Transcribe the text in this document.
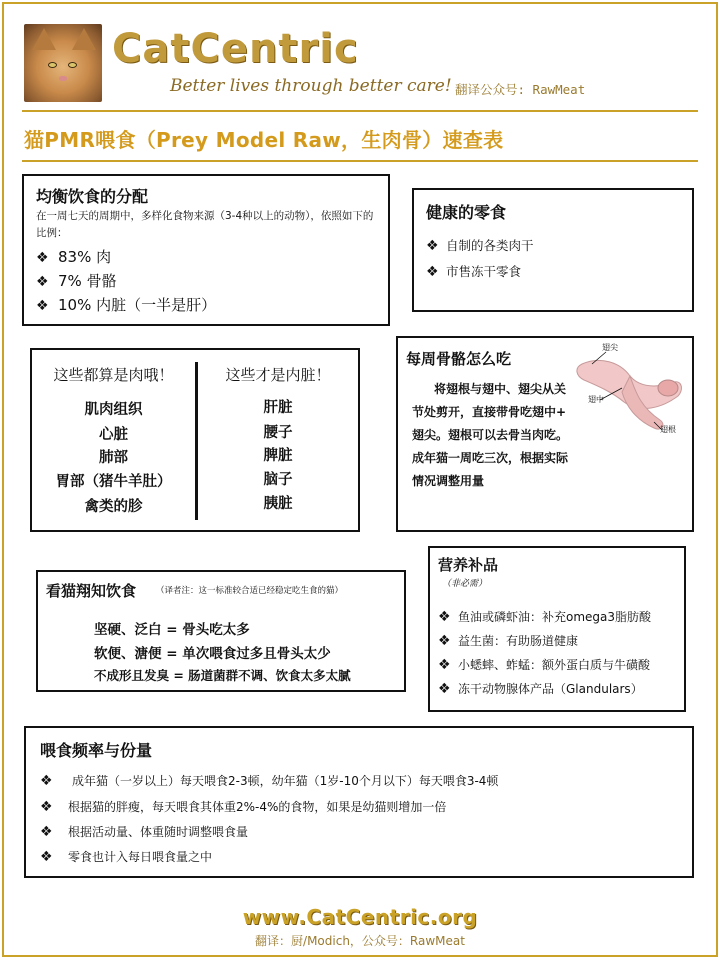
CatCentric
Better lives through better care! 翻译公众号: RawMeat
猫PMR喂食（Prey Model Raw，生肉骨）速查表
均衡饮食的分配
在一周七天的周期中，多样化食物来源（3-4种以上的动物），依照如下的比例：
❖ 83% 肉
❖ 7% 骨骼
❖ 10% 内脏（一半是肝）
健康的零食
❖ 自制的各类肉干
❖ 市售冻干零食
这些都算是肉哦！
肌肉组织
心脏
肺部
胃部（猪牛羊肚）
禽类的胗
这些才是内脏！
肝脏
腰子
脾脏
脑子
胰脏
每周骨骼怎么吃
将翅根与翅中、翅尖从关
节处剪开，直接带骨吃翅中+
翅尖。翅根可以去骨当肉吃。
成年猫一周吃三次，根据实际
情况调整用量
翅尖
翅中
翅根
看猫翔知饮食 （译者注：这一标准较合适已经稳定吃生食的猫）
坚硬、泛白 = 骨头吃太多
软便、溏便 = 单次喂食过多且骨头太少
不成形且发臭 = 肠道菌群不调、饮食太多太腻
营养补品
（非必需）
❖ 鱼油或磷虾油：补充omega3脂肪酸
❖ 益生菌：有助肠道健康
❖ 小蟋蟀、蚱蜢：额外蛋白质与牛磺酸
❖ 冻干动物腺体产品（Glandulars）
喂食频率与份量
❖ 成年猫（一岁以上）每天喂食2-3顿，幼年猫（1岁-10个月以下）每天喂食3-4顿
❖ 根据猫的胖瘦，每天喂食其体重2%-4%的食物，如果是幼猫则增加一倍
❖ 根据活动量、体重随时调整喂食量
❖ 零食也计入每日喂食量之中
www.CatCentric.org
翻译：厨/Modich，公众号：RawMeat
